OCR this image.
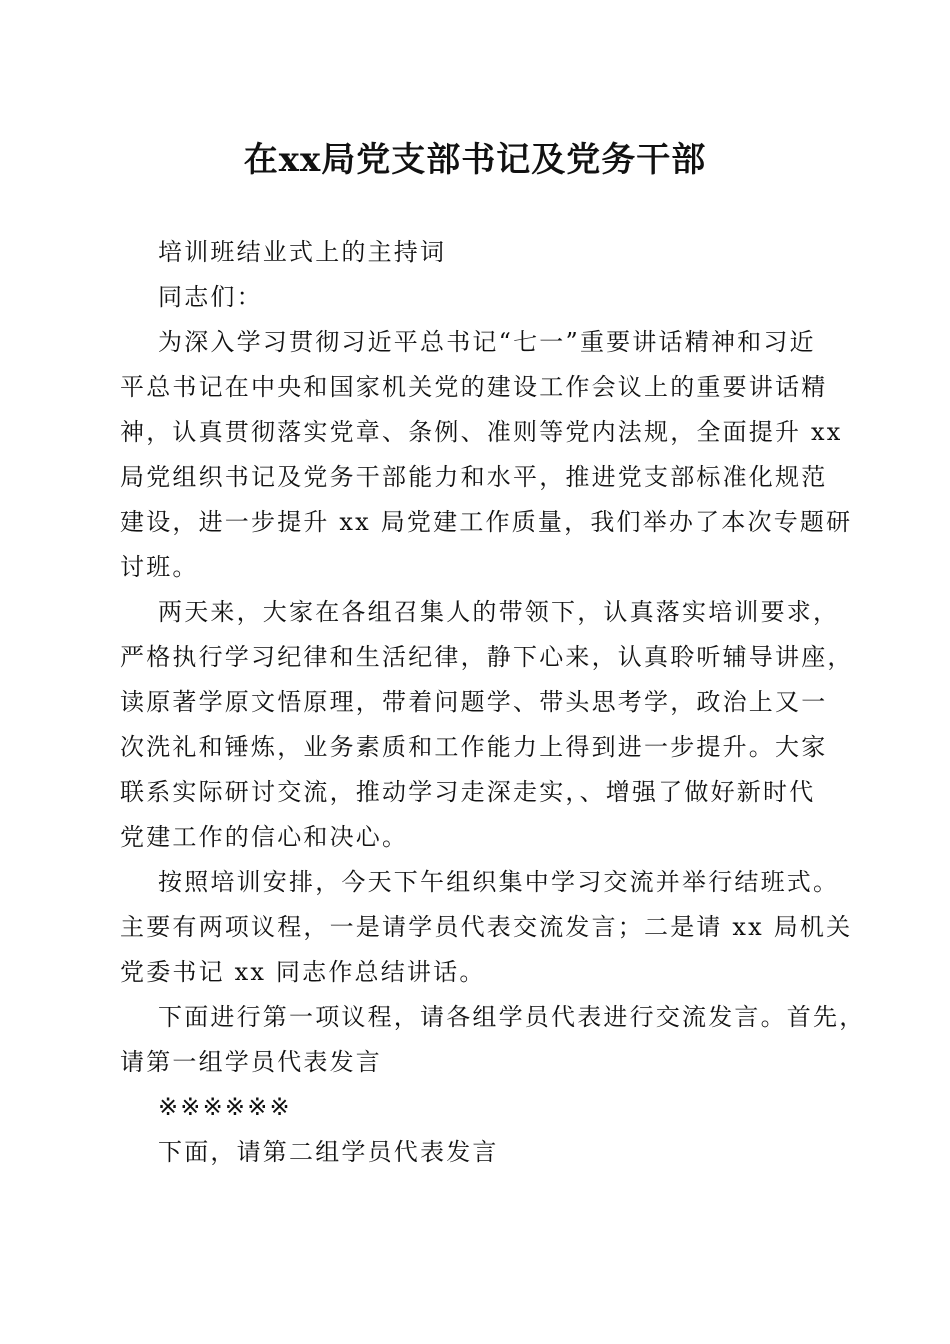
在xx局党支部书记及党务干部
培训班结业式上的主持词
同志们：
为深入学习贯彻习近平总书记“七一”重要讲话精神和习近
平总书记在中央和国家机关党的建设工作会议上的重要讲话精
神，认真贯彻落实党章、条例、准则等党内法规，全面提升 xx
局党组织书记及党务干部能力和水平，推进党支部标准化规范
建设，进一步提升 xx 局党建工作质量，我们举办了本次专题研
讨班。
两天来，大家在各组召集人的带领下，认真落实培训要求，
严格执行学习纪律和生活纪律，静下心来，认真聆听辅导讲座，
读原著学原文悟原理，带着问题学、带头思考学，政治上又一
次洗礼和锤炼，业务素质和工作能力上得到进一步提升。大家
联系实际研讨交流，推动学习走深走实，、增强了做好新时代
党建工作的信心和决心。
按照培训安排，今天下午组织集中学习交流并举行结班式。
主要有两项议程，一是请学员代表交流发言；二是请 xx 局机关
党委书记 xx 同志作总结讲话。
下面进行第一项议程，请各组学员代表进行交流发言。首先，
请第一组学员代表发言
※※※※※※
下面，请第二组学员代表发言
